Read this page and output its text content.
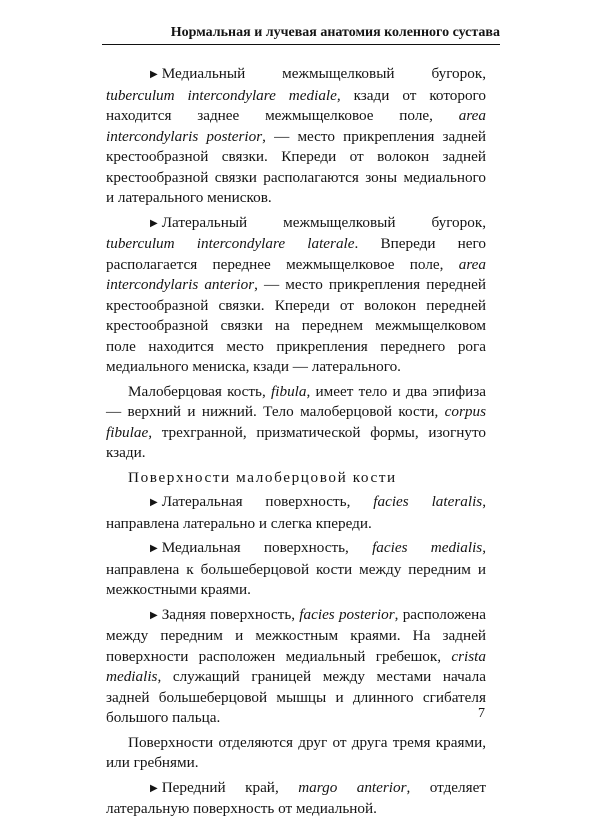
Нормальная и лучевая анатомия коленного сустава

▶ Медиальный межмыщелковый бугорок, tuberculum intercondylare mediale, кзади от которого находится заднее межмыщелковое поле, area intercondylaris posterior, — место прикрепления задней крестообразной связки. Кпереди от волокон задней крестообразной связки располагаются зоны медиального и латерального менисков.

▶ Латеральный межмыщелковый бугорок, tuberculum intercondylare laterale. Впереди него располагается переднее межмыщелковое поле, area intercondylaris anterior, — место прикрепления передней крестообразной связки. Кпереди от волокон передней крестообразной связки на переднем межмыщелковом поле находится место прикрепления переднего рога медиального мениска, кзади — латерального.

Малоберцовая кость, fibula, имеет тело и два эпифиза — верхний и нижний. Тело малоберцовой кости, corpus fibulae, трехгранной, призматической формы, изогнуто кзади.

Поверхности малоберцовой кости

▶ Латеральная поверхность, facies lateralis, направлена латерально и слегка кпереди.

▶ Медиальная поверхность, facies medialis, направлена к большеберцовой кости между передним и межкостными краями.

▶ Задняя поверхность, facies posterior, расположена между передним и межкостным краями. На задней поверхности расположен медиальный гребешок, crista medialis, служащий границей между местами начала задней большеберцовой мышцы и длинного сгибателя большого пальца.

Поверхности отделяются друг от друга тремя краями, или гребнями.

▶ Передний край, margo anterior, отделяет латеральную поверхность от медиальной.

7
